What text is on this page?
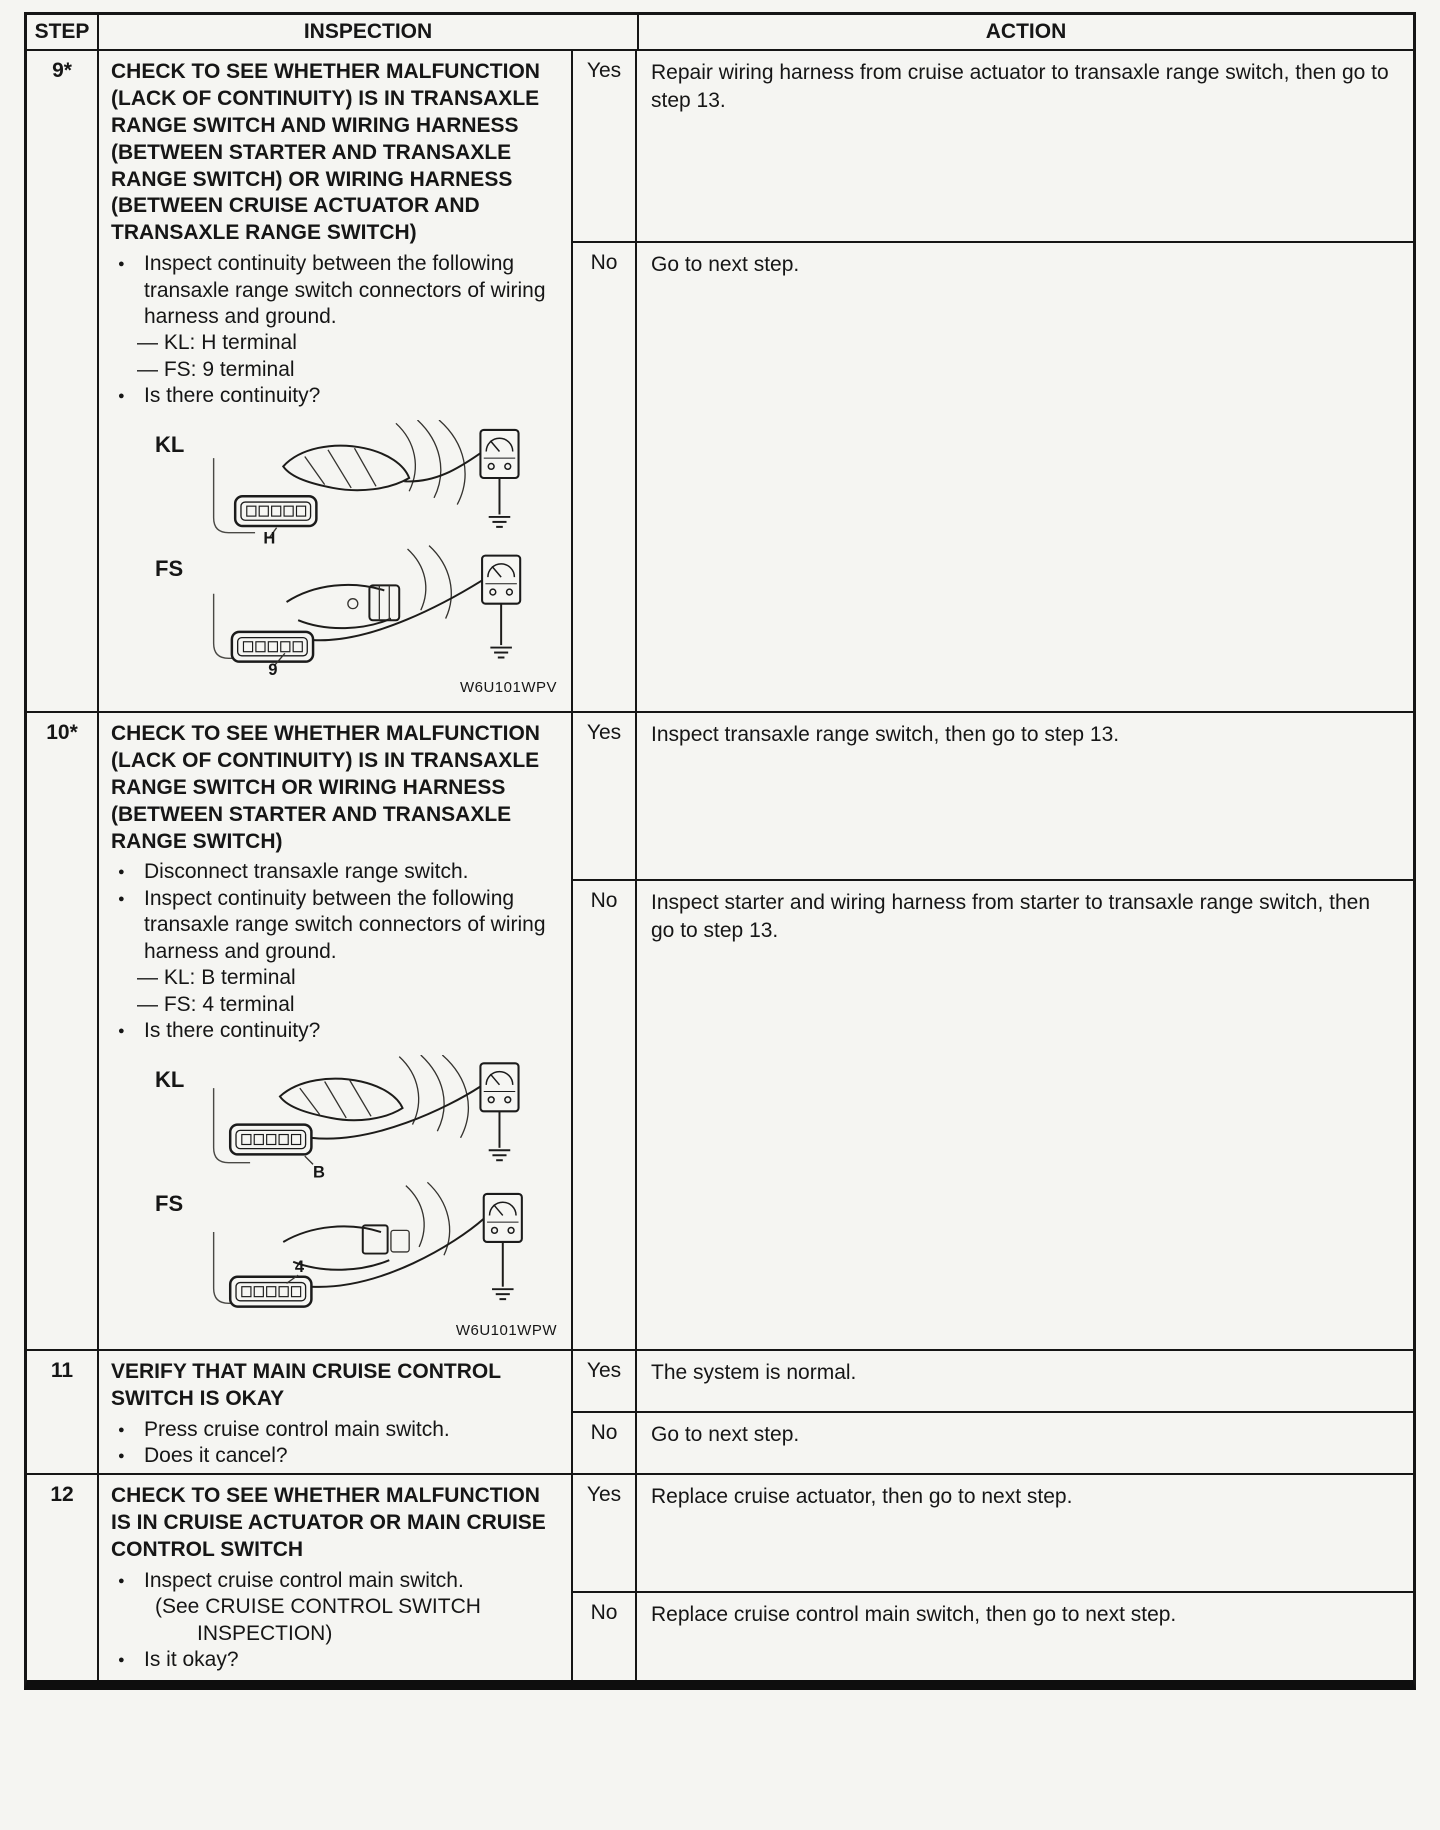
STEP	INSPECTION	ACTION
9*	CHECK TO SEE WHETHER MALFUNCTION (LACK OF CONTINUITY) IS IN TRANSAXLE RANGE SWITCH AND WIRING HARNESS (BETWEEN STARTER AND TRANSAXLE RANGE SWITCH) OR WIRING HARNESS (BETWEEN CRUISE ACTUATOR AND TRANSAXLE RANGE SWITCH)

● Inspect continuity between the following transaxle range switch connectors of wiring harness and ground.
— KL: H terminal
— FS: 9 terminal
● Is there continuity?
KL
H
FS
9
W6U101WPV
Yes	Repair wiring harness from cruise actuator to transaxle range switch, then go to step 13.
No	Go to next step.
10*	CHECK TO SEE WHETHER MALFUNCTION (LACK OF CONTINUITY) IS IN TRANSAXLE RANGE SWITCH OR WIRING HARNESS (BETWEEN STARTER AND TRANSAXLE RANGE SWITCH)

● Disconnect transaxle range switch.
● Inspect continuity between the following transaxle range switch connectors of wiring harness and ground.
— KL: B terminal
— FS: 4 terminal
● Is there continuity?
KL
B
FS
4
W6U101WPW
Yes	Inspect transaxle range switch, then go to step 13.
No	Inspect starter and wiring harness from starter to transaxle range switch, then go to step 13.
11	VERIFY THAT MAIN CRUISE CONTROL SWITCH IS OKAY

● Press cruise control main switch.
● Does it cancel?
Yes	The system is normal.
No	Go to next step.
12	CHECK TO SEE WHETHER MALFUNCTION IS IN CRUISE ACTUATOR OR MAIN CRUISE CONTROL SWITCH

● Inspect cruise control main switch.
(See CRUISE CONTROL SWITCH
INSPECTION)
● Is it okay?
Yes	Replace cruise actuator, then go to next step.
No	Replace cruise control main switch, then go to next step.
